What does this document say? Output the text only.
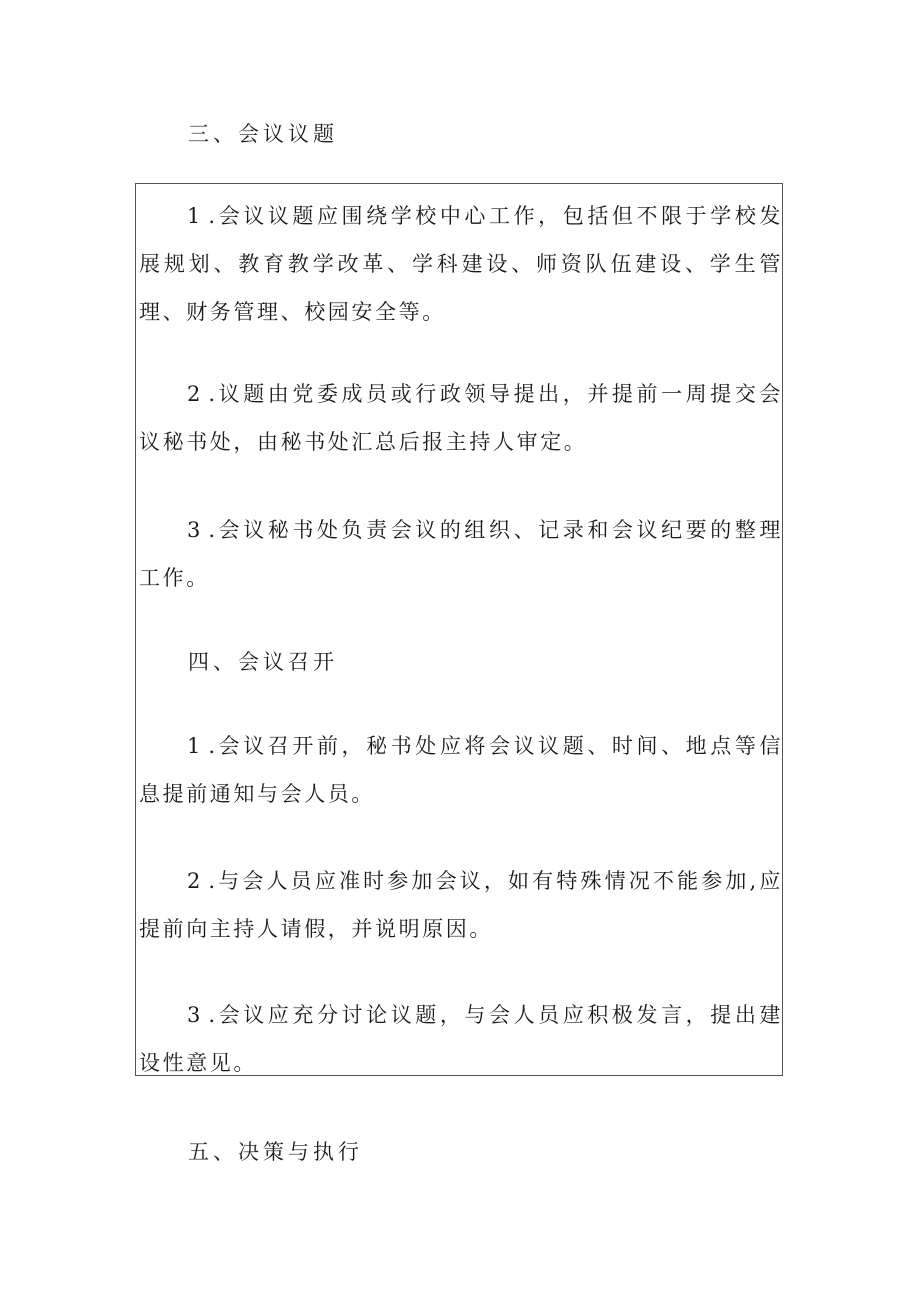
三、会议议题

1.会议议题应围绕学校中心工作，包括但不限于学校发展规划、教育教学改革、学科建设、师资队伍建设、学生管理、财务管理、校园安全等。

2.议题由党委成员或行政领导提出，并提前一周提交会议秘书处，由秘书处汇总后报主持人审定。

3.会议秘书处负责会议的组织、记录和会议纪要的整理工作。

四、会议召开

1.会议召开前，秘书处应将会议议题、时间、地点等信息提前通知与会人员。

2.与会人员应准时参加会议，如有特殊情况不能参加,应提前向主持人请假，并说明原因。

3.会议应充分讨论议题，与会人员应积极发言，提出建设性意见。

五、决策与执行
